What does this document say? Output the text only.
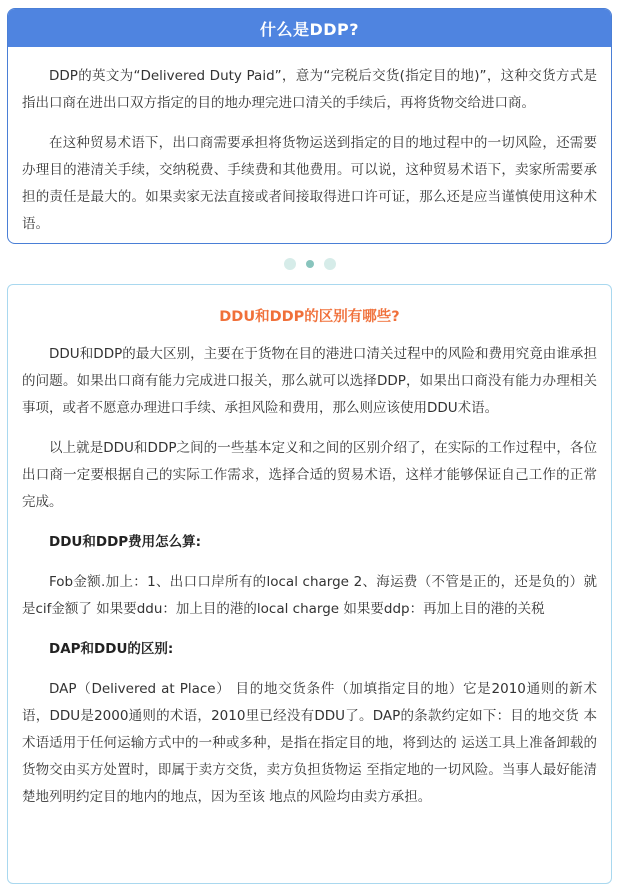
什么是DDP?

DDP的英文为“Delivered Duty Paid”，意为“完税后交货(指定目的地)”，这种交货方式是指出口商在进出口双方指定的目的地办理完进口清关的手续后，再将货物交给进口商。

在这种贸易术语下，出口商需要承担将货物运送到指定的目的地过程中的一切风险，还需要办理目的港清关手续，交纳税费、手续费和其他费用。可以说，这种贸易术语下，卖家所需要承担的责任是最大的。如果卖家无法直接或者间接取得进口许可证，那么还是应当谨慎使用这种术语。

DDU和DDP的区别有哪些?

DDU和DDP的最大区别，主要在于货物在目的港进口清关过程中的风险和费用究竟由谁承担的问题。如果出口商有能力完成进口报关，那么就可以选择DDP，如果出口商没有能力办理相关事项，或者不愿意办理进口手续、承担风险和费用，那么则应该使用DDU术语。

以上就是DDU和DDP之间的一些基本定义和之间的区别介绍了，在实际的工作过程中，各位出口商一定要根据自己的实际工作需求，选择合适的贸易术语，这样才能够保证自己工作的正常完成。

DDU和DDP费用怎么算:

Fob金额.加上：1、出口口岸所有的local charge 2、海运费（不管是正的，还是负的）就是cif金额了 如果要ddu：加上目的港的local charge 如果要ddp：再加上目的港的关税

DAP和DDU的区别:

DAP（Delivered at Place） 目的地交货条件（加填指定目的地）它是2010通则的新术语，DDU是2000通则的术语，2010里已经没有DDU了。DAP的条款约定如下：目的地交货 本术语适用于任何运输方式中的一种或多种，是指在指定目的地，将到达的 运送工具上准备卸载的货物交由买方处置时，即属于卖方交货，卖方负担货物运 至指定地的一切风险。当事人最好能清楚地列明约定目的地内的地点，因为至该 地点的风险均由卖方承担。
